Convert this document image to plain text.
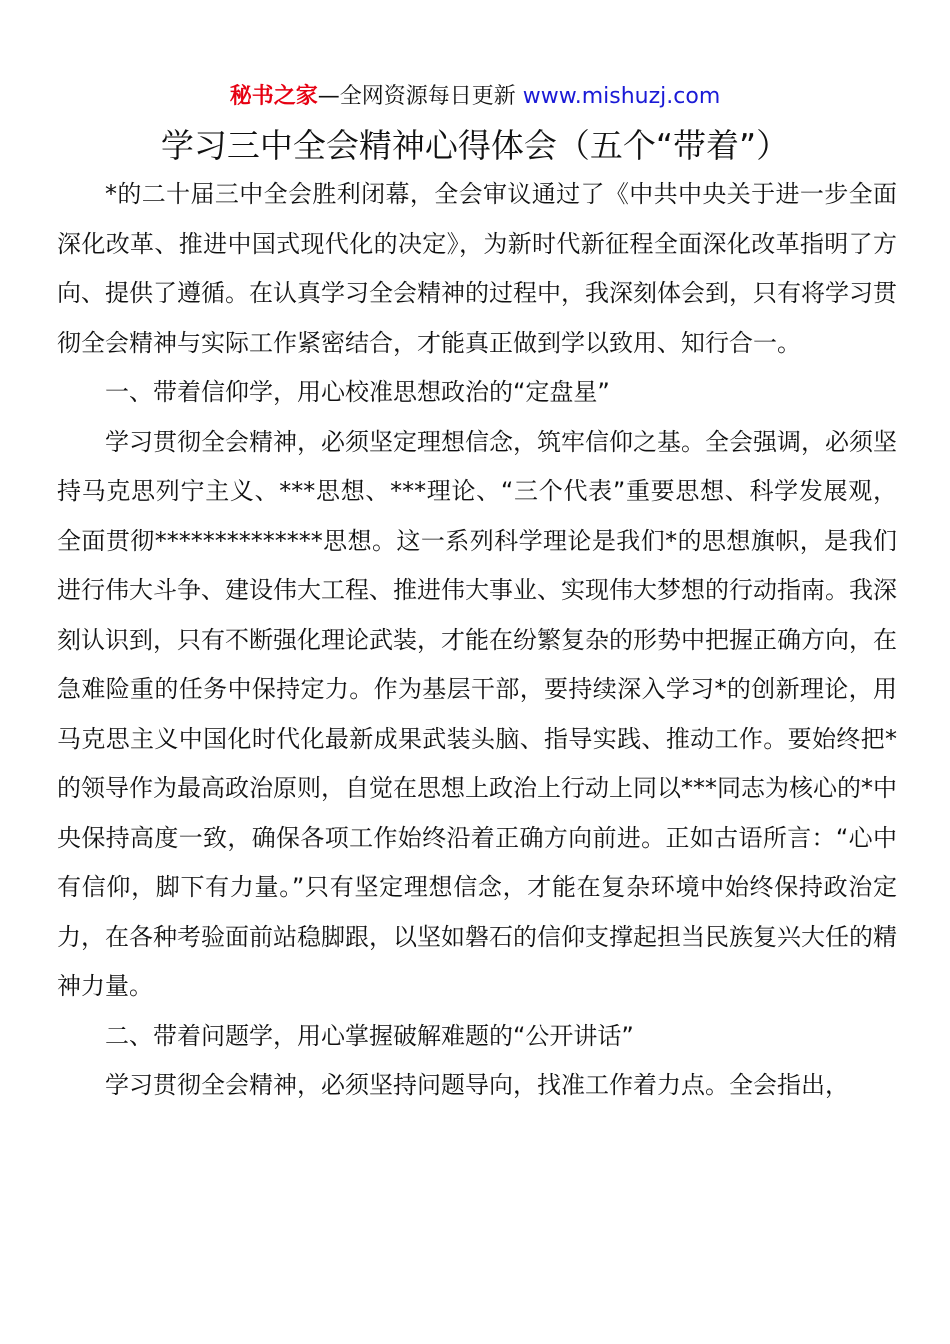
秘书之家—全网资源每日更新 www.mishuzj.com
学习三中全会精神心得体会（五个“带着”）

*的二十届三中全会胜利闭幕，全会审议通过了《中共中央关于进一步全面深化改革、推进中国式现代化的决定》，为新时代新征程全面深化改革指明了方向、提供了遵循。在认真学习全会精神的过程中，我深刻体会到，只有将学习贯彻全会精神与实际工作紧密结合，才能真正做到学以致用、知行合一。

一、带着信仰学，用心校准思想政治的“定盘星”

学习贯彻全会精神，必须坚定理想信念，筑牢信仰之基。全会强调，必须坚持马克思列宁主义、***思想、***理论、“三个代表”重要思想、科学发展观，全面贯彻**************思想。这一系列科学理论是我们*的思想旗帜，是我们进行伟大斗争、建设伟大工程、推进伟大事业、实现伟大梦想的行动指南。我深刻认识到，只有不断强化理论武装，才能在纷繁复杂的形势中把握正确方向，在急难险重的任务中保持定力。作为基层干部，要持续深入学习*的创新理论，用马克思主义中国化时代化最新成果武装头脑、指导实践、推动工作。要始终把*的领导作为最高政治原则，自觉在思想上政治上行动上同以***同志为核心的*中央保持高度一致，确保各项工作始终沿着正确方向前进。正如古语所言：“心中有信仰，脚下有力量。”只有坚定理想信念，才能在复杂环境中始终保持政治定力，在各种考验面前站稳脚跟，以坚如磐石的信仰支撑起担当民族复兴大任的精神力量。

二、带着问题学，用心掌握破解难题的“公开讲话”

学习贯彻全会精神，必须坚持问题导向，找准工作着力点。全会指出，
